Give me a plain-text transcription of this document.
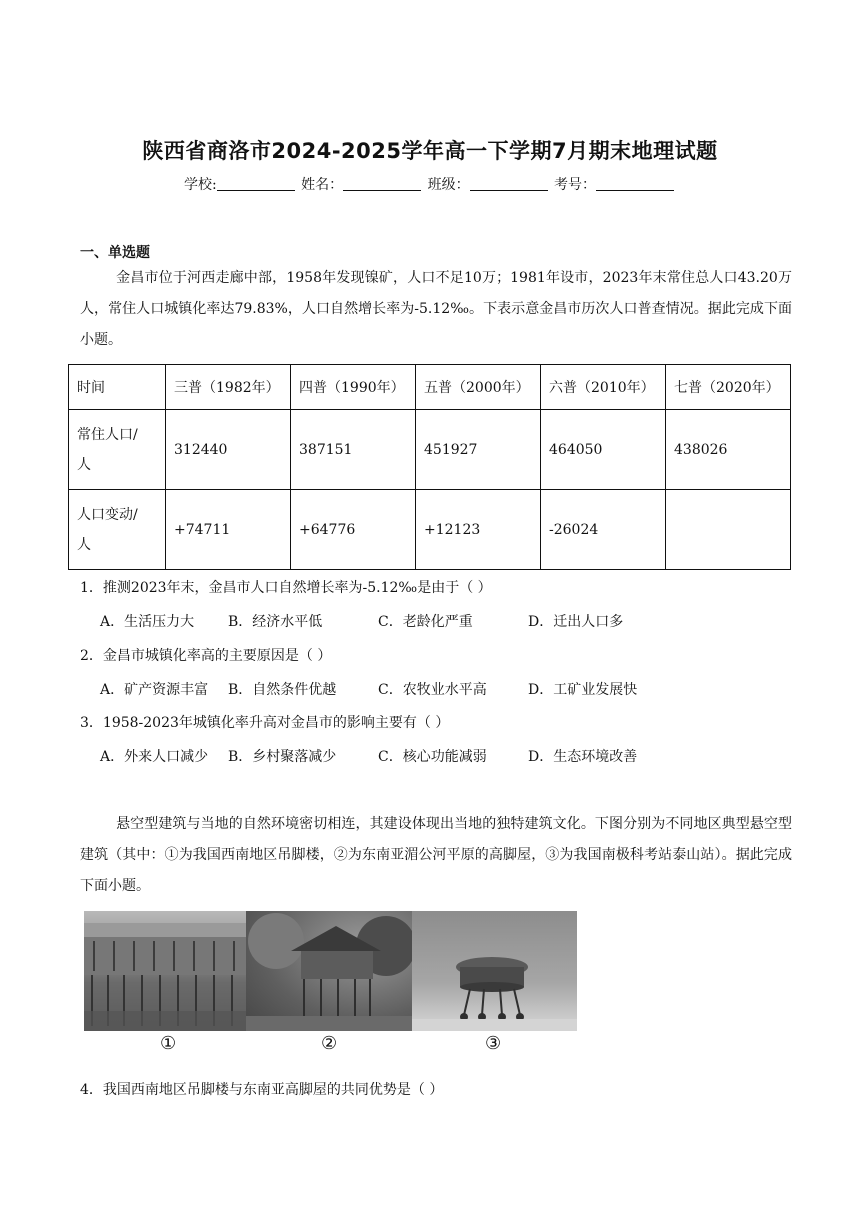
陕西省商洛市2024-2025学年高一下学期7月期末地理试题
学校:	姓名：	班级：	考号：
一、单选题
金昌市位于河西走廊中部，1958年发现镍矿，人口不足10万；1981年设市，2023年末常住总人口43.20万人，常住人口城镇化率达79.83%，人口自然增长率为-5.12‰。下表示意金昌市历次人口普查情况。据此完成下面小题。
时间	三普（1982年）	四普（1990年）	五普（2000年）	六普（2010年）	七普（2020年）
常住人口/
人	312440	387151	451927	464050	438026
人口变动/
人	+74711	+64776	+12123	-26024	
1．推测2023年末，金昌市人口自然增长率为-5.12‰是由于（ ）
A．生活压力大 B．经济水平低	C．老龄化严重	D．迁出人口多
2．金昌市城镇化率高的主要原因是（ ）
A．矿产资源丰富 B．自然条件优越	C．农牧业水平高	D．工矿业发展快
3．1958-2023年城镇化率升高对金昌市的影响主要有（ ）
A．外来人口减少 B．乡村聚落减少	C．核心功能减弱	D．生态环境改善
悬空型建筑与当地的自然环境密切相连，其建设体现出当地的独特建筑文化。下图分别为不同地区典型悬空型建筑（其中：①为我国西南地区吊脚楼，②为东南亚湄公河平原的高脚屋，③为我国南极科考站泰山站）。据此完成下面小题。
①	②	③
4．我国西南地区吊脚楼与东南亚高脚屋的共同优势是（ ）
